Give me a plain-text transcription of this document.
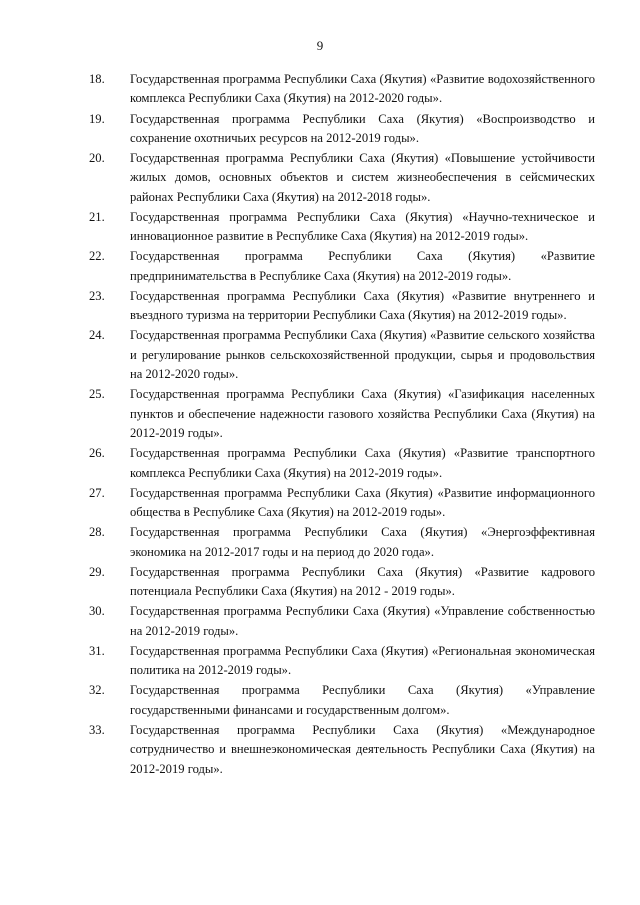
9
18. Государственная программа Республики Саха (Якутия) «Развитие водохозяйственного комплекса Республики Саха (Якутия) на 2012-2020 годы».
19. Государственная программа Республики Саха (Якутия) «Воспроизводство и сохранение охотничьих ресурсов на 2012-2019 годы».
20. Государственная программа Республики Саха (Якутия) «Повышение устойчивости жилых домов, основных объектов и систем жизнеобеспечения в сейсмических районах Республики Саха (Якутия) на 2012-2018 годы».
21. Государственная программа Республики Саха (Якутия) «Научно-техническое и инновационное развитие в Республике Саха (Якутия) на 2012-2019 годы».
22. Государственная программа Республики Саха (Якутия) «Развитие предпринимательства в Республике Саха (Якутия) на 2012-2019 годы».
23. Государственная программа Республики Саха (Якутия) «Развитие внутреннего и въездного туризма на территории Республики Саха (Якутия) на 2012-2019 годы».
24. Государственная программа Республики Саха (Якутия) «Развитие сельского хозяйства и регулирование рынков сельскохозяйственной продукции, сырья и продовольствия на 2012-2020 годы».
25. Государственная программа Республики Саха (Якутия) «Газификация населенных пунктов и обеспечение надежности газового хозяйства Республики Саха (Якутия) на 2012-2019 годы».
26. Государственная программа Республики Саха (Якутия) «Развитие транспортного комплекса Республики Саха (Якутия) на 2012-2019 годы».
27. Государственная программа Республики Саха (Якутия) «Развитие информационного общества в Республике Саха (Якутия) на 2012-2019 годы».
28. Государственная программа Республики Саха (Якутия) «Энергоэффективная экономика на 2012-2017 годы и на период до 2020 года».
29. Государственная программа Республики Саха (Якутия) «Развитие кадрового потенциала Республики Саха (Якутия) на 2012 - 2019 годы».
30. Государственная программа Республики Саха (Якутия) «Управление собственностью на 2012-2019 годы».
31. Государственная программа Республики Саха (Якутия) «Региональная экономическая политика на 2012-2019 годы».
32. Государственная программа Республики Саха (Якутия) «Управление государственными финансами и государственным долгом».
33. Государственная программа Республики Саха (Якутия) «Международное сотрудничество и внешнеэкономическая деятельность Республики Саха (Якутия) на 2012-2019 годы».
